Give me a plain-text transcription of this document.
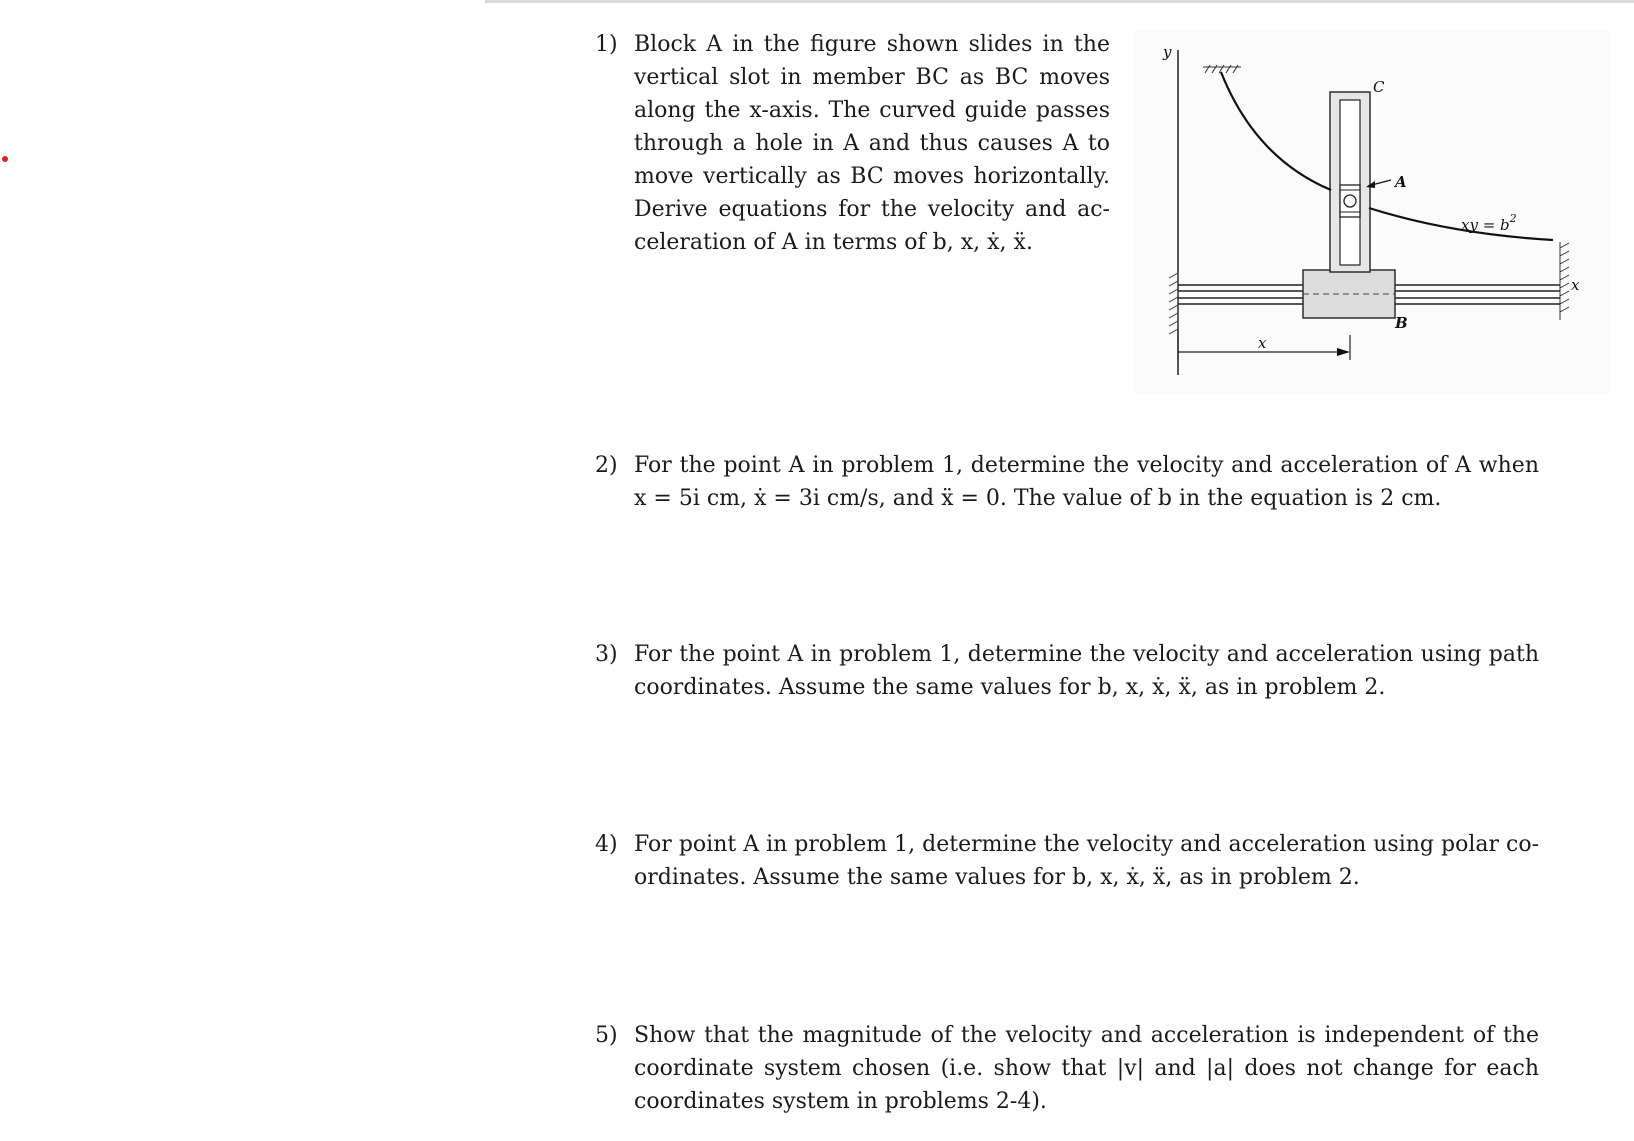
1) Block A in the figure shown slides in the
vertical slot in member BC as BC moves
along the x-axis. The curved guide passes
through a hole in A and thus causes A to
move vertically as BC moves horizontally.
Derive equations for the velocity and ac-
celeration of A in terms of b, x, ẋ, ẍ.
y
C
A
B
xy = $b^2$
x
x
2) For the point A in problem 1, determine the velocity and acceleration of A when
x = 5i cm, ẋ = 3i cm/s, and ẍ = 0. The value of b in the equation is 2 cm.
3) For the point A in problem 1, determine the velocity and acceleration using path
coordinates. Assume the same values for b, x, ẋ, ẍ, as in problem 2.
4) For point A in problem 1, determine the velocity and acceleration using polar co-
ordinates. Assume the same values for b, x, ẋ, ẍ, as in problem 2.
5) Show that the magnitude of the velocity and acceleration is independent of the
coordinate system chosen (i.e. show that |v| and |a| does not change for each
coordinates system in problems 2-4).
